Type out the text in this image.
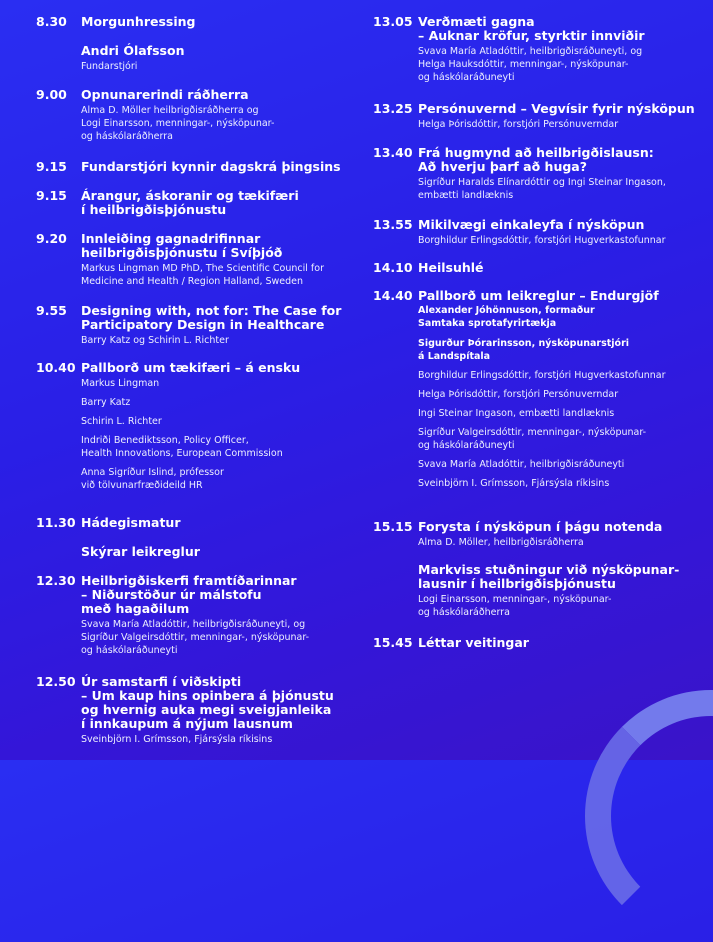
8.30	Morgunhressing
Andri Ólafsson
Fundarstjóri
9.00	Opnunarerindi ráðherra
Alma D. Möller heilbrigðisráðherra og
Logi Einarsson, menningar-, nýsköpunar-
og háskólaráðherra
9.15	Fundarstjóri kynnir dagskrá þingsins
9.15	Árangur, áskoranir og tækifæri
í heilbrigðisþjónustu
9.20	Innleiðing gagnadrifinnar
heilbrigðisþjónustu í Svíþjóð
Markus Lingman MD PhD, The Scientific Council for
Medicine and Health / Region Halland, Sweden
9.55	Designing with, not for: The Case for
Participatory Design in Healthcare
Barry Katz og Schirin L. Richter
10.40 Pallborð um tækifæri – á ensku
Markus Lingman
Barry Katz
Schirin L. Richter
Indriði Benediktsson, Policy Officer,
Health Innovations, European Commission
Anna Sigríður Islind, prófessor
við tölvunarfræðideild HR
11.30 Hádegismatur
Skýrar leikreglur
12.30 Heilbrigðiskerfi framtíðarinnar
– Niðurstöður úr málstofu
með hagaðilum
Svava María Atladóttir, heilbrigðisráðuneyti, og
Sigríður Valgeirsdóttir, menningar-, nýsköpunar-
og háskólaráðuneyti
12.50 Úr samstarfi í viðskipti
– Um kaup hins opinbera á þjónustu
og hvernig auka megi sveigjanleika
í innkaupum á nýjum lausnum
Sveinbjörn I. Grímsson, Fjársýsla ríkisins
13.05 Verðmæti gagna
– Auknar kröfur, styrktir innviðir
Svava María Atladóttir, heilbrigðisráðuneyti, og
Helga Hauksdóttir, menningar-, nýsköpunar-
og háskólaráðuneyti
13.25 Persónuvernd – Vegvísir fyrir nýsköpun
Helga Þórisdóttir, forstjóri Persónuverndar
13.40 Frá hugmynd að heilbrigðislausn:
Að hverju þarf að huga?
Sigríður Haralds Elínardóttir og Ingi Steinar Ingason,
embætti landlæknis
13.55 Mikilvægi einkaleyfa í nýsköpun
Borghildur Erlingsdóttir, forstjóri Hugverkastofunnar
14.10 Heilsuhlé
14.40 Pallborð um leikreglur – Endurgjöf
Alexander Jóhönnuson, formaður
Samtaka sprotafyrirtækja
Sigurður Þórarinsson, nýsköpunarstjóri
á Landspítala
Borghildur Erlingsdóttir, forstjóri Hugverkastofunnar
Helga Þórisdóttir, forstjóri Persónuverndar
Ingi Steinar Ingason, embætti landlæknis
Sigríður Valgeirsdóttir, menningar-, nýsköpunar-
og háskólaráðuneyti
Svava María Atladóttir, heilbrigðisráðuneyti
Sveinbjörn I. Grímsson, Fjársýsla ríkisins
15.15 Forysta í nýsköpun í þágu notenda
Alma D. Möller, heilbrigðisráðherra
Markviss stuðningur við nýsköpunar-
lausnir í heilbrigðisþjónustu
Logi Einarsson, menningar-, nýsköpunar-
og háskólaráðherra
15.45 Léttar veitingar
